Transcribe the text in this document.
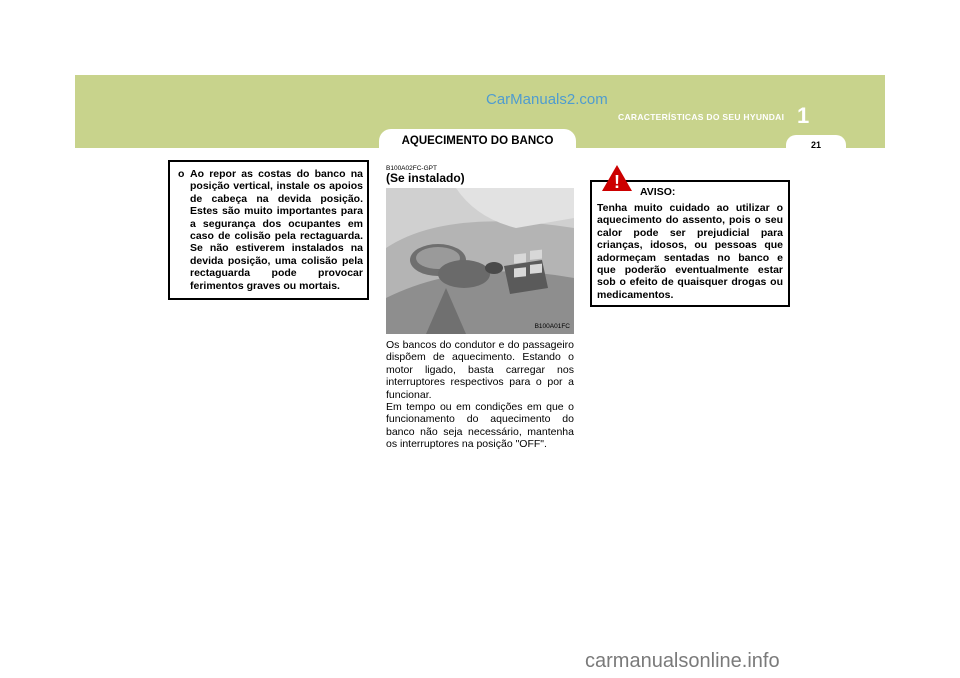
CarManuals2.com
CARACTERÍSTICAS DO SEU HYUNDAI 1
21
AQUECIMENTO DO BANCO
o Ao repor as costas do banco na posição vertical, instale os apoios de cabeça na devida posição. Estes são muito importantes para a segurança dos ocupantes em caso de colisão pela rectaguarda. Se não estiverem instalados na devida posição, uma colisão pela rectaguarda pode provocar ferimentos graves ou mortais.
B100A02FC-GPT
(Se instalado)
B100A01FC

Os bancos do condutor e do passageiro dispõem de aquecimento. Estando o motor ligado, basta carregar nos interruptores respectivos para o por a funcionar.

Em tempo ou em condições em que o funcionamento do aquecimento do banco não seja necessário, mantenha os interruptores na posição "OFF".

Tenha muito cuidado ao utilizar o aquecimento do assento, pois o seu calor pode ser prejudicial para crianças, idosos, ou pessoas que adormeçam sentadas no banco e que poderão eventualmente estar sob o efeito de quaisquer drogas ou medicamentos.
! AVISO:
carmanualsonline.info
